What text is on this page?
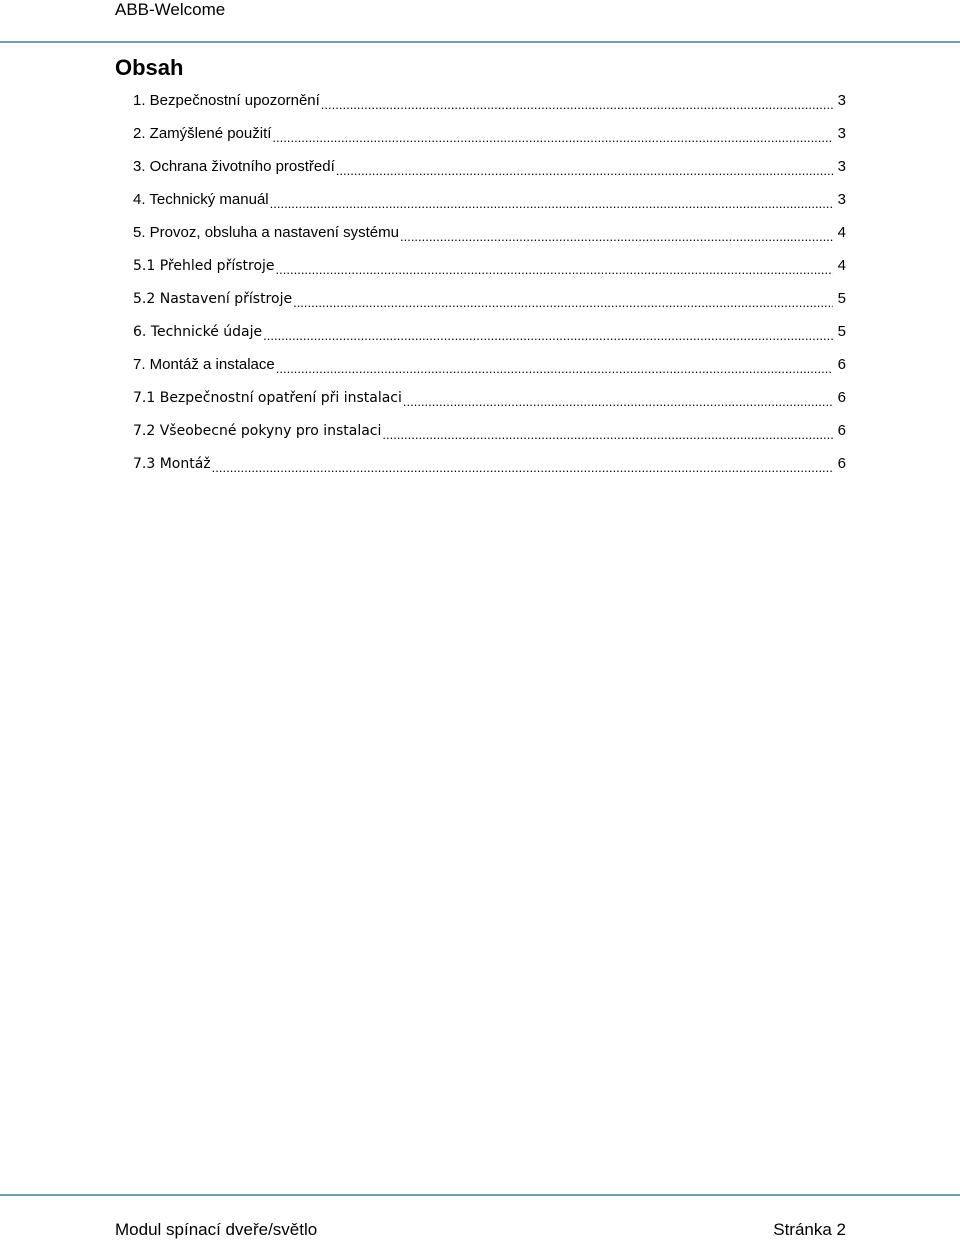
ABB-Welcome
Obsah
1. Bezpečnostní upozornění .....	3
2. Zamýšlené použití .....	3
3. Ochrana životního prostředí .....	3
4. Technický manuál .....	3
5. Provoz, obsluha a nastavení systému .....	4
5.1 Přehled přístroje .....	4
5.2 Nastavení přístroje .....	5
6. Technické údaje .....	5
7. Montáž a instalace .....	6
7.1 Bezpečnostní opatření při instalaci .....	6
7.2 Všeobecné pokyny pro instalaci .....	6
7.3 Montáž .....	6
Modul spínací dveře/světlo	Stránka 2
